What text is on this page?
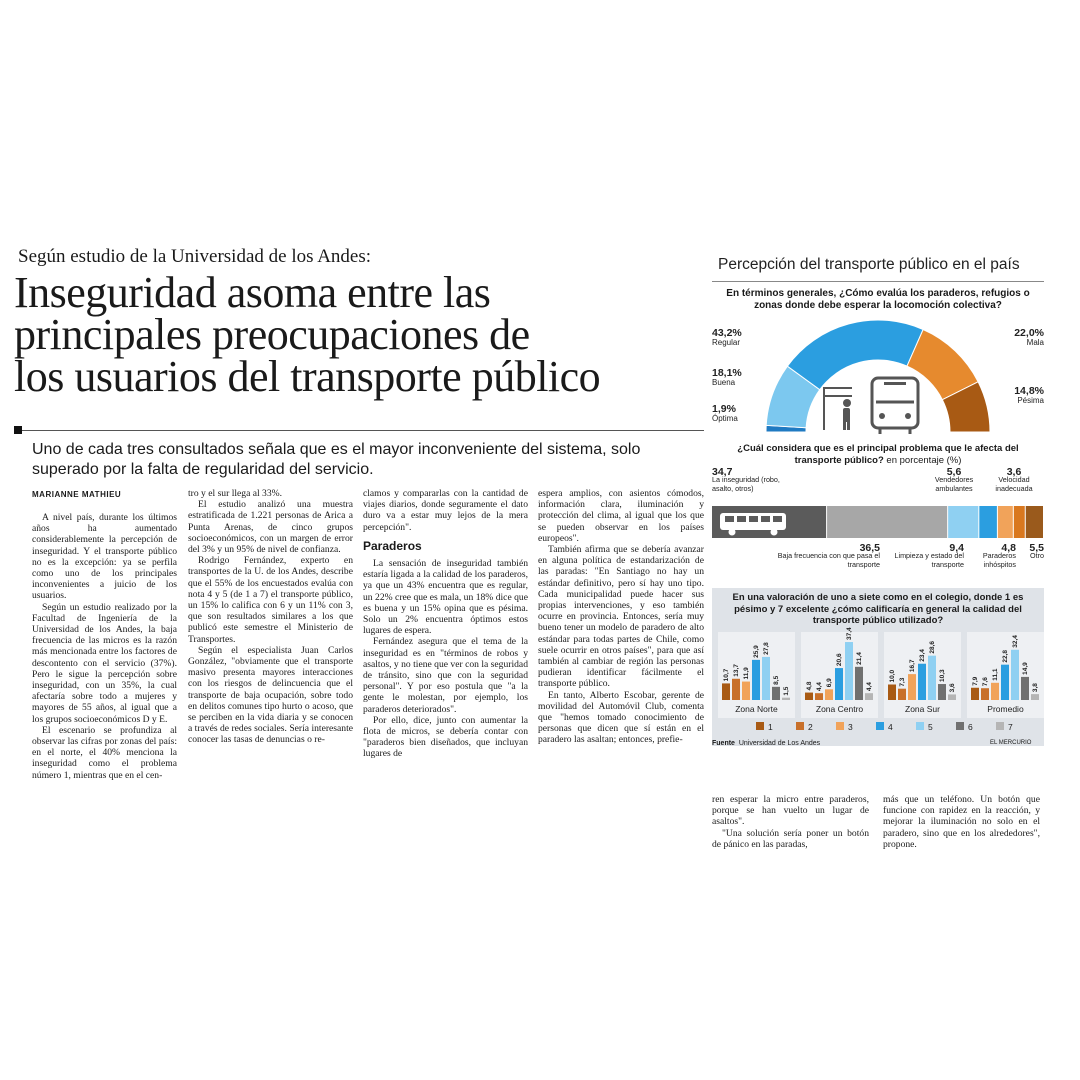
Según estudio de la Universidad de los Andes:
Inseguridad asoma entre las
principales preocupaciones de
los usuarios del transporte público
Uno de cada tres consultados señala que es el mayor inconveniente del sistema, solo superado por la falta de regularidad del servicio.
MARIANNE MATHIEU

A nivel país, durante los últimos años ha aumentado considerablemente la percepción de inseguridad. Y el transporte público no es la excepción: ya se perfila como uno de los principales inconvenientes a juicio de los usuarios.

Según un estudio realizado por la Facultad de Ingeniería de la Universidad de los Andes, la baja frecuencia de las micros es la razón más mencionada entre los factores de descontento con el servicio (37%). Pero le sigue la percepción sobre inseguridad, con un 35%, la cual afectaría sobre todo a mujeres y mayores de 55 años, al igual que a los grupos socioeconómicos D y E.

El escenario se profundiza al observar las cifras por zonas del país: en el norte, el 40% menciona la inseguridad como el problema número 1, mientras que en el cen-

tro y el sur llega al 33%.

El estudio analizó una muestra estratificada de 1.221 personas de Arica a Punta Arenas, de cinco grupos socioeconómicos, con un margen de error del 3% y un 95% de nivel de confianza.

Rodrigo Fernández, experto en transportes de la U. de los Andes, describe que el 55% de los encuestados evalúa con nota 4 y 5 (de 1 a 7) el transporte público, un 15% lo califica con 6 y un 11% con 3, que son resultados similares a los que publicó este semestre el Ministerio de Transportes.

Según el especialista Juan Carlos González, "obviamente que el transporte masivo presenta mayores interacciones con los riesgos de delincuencia que el transporte de baja ocupación, sobre todo en delitos comunes tipo hurto o acoso, que se perciben en la vida diaria y se conocen a través de redes sociales. Sería interesante conocer las tasas de denuncias o re-

clamos y compararlas con la cantidad de viajes diarios, donde seguramente el dato duro va a estar muy lejos de la mera percepción".

Paraderos

La sensación de inseguridad también estaría ligada a la calidad de los paraderos, ya que un 43% encuentra que es regular, un 22% cree que es mala, un 18% dice que es buena y un 15% opina que es pésima. Solo un 2% encuentra óptimos estos lugares de espera.

Fernández asegura que el tema de la inseguridad es en "términos de robos y asaltos, y no tiene que ver con la seguridad de tránsito, sino que con la seguridad personal". Y por eso postula que "a la gente le molestan, por ejemplo, los paraderos deteriorados".

Por ello, dice, junto con aumentar la flota de micros, se debería contar con "paraderos bien diseñados, que incluyan lugares de

espera amplios, con asientos cómodos, información clara, iluminación y protección del clima, al igual que los que se pueden observar en los países europeos".

También afirma que se debería avanzar en alguna política de estandarización de las paradas: "En Santiago no hay un estándar definitivo, pero sí hay uno tipo. Cada municipalidad puede hacer sus propias intervenciones, y eso también ocurre en provincia. Entonces, sería muy bueno tener un modelo de paradero de alto estándar para todas partes de Chile, como suele ocurrir en otros países", para que así también al cambiar de región las personas pudieran identificar fácilmente el transporte público.

En tanto, Alberto Escobar, gerente de movilidad del Automóvil Club, comenta que "hemos tomado conocimiento de personas que dicen que sí están en el paradero las asaltan; entonces, prefie-

ren esperar la micro entre paraderos, porque se han vuelto un lugar de asaltos".

"Una solución sería poner un botón de pánico en las paradas,

más que un teléfono. Un botón que funcione con rapidez en la reacción, y mejorar la iluminación no solo en el paradero, sino que en los alrededores", propone.

Percepción del transporte público en el país
En términos generales, ¿Cómo evalúa los paraderos, refugios o zonas donde debe esperar la locomoción colectiva?
43,2%
Regular
18,1%
Buena
1,9%
Óptima
22,0%
Mala
14,8%
Pésima
¿Cuál considera que es el principal problema que le afecta del transporte público? en porcentaje (%)
34,7
La inseguridad (robo, asalto, otros)
5,6
Vendedores ambulantes
3,6
Velocidad inadecuada
36,5
Baja frecuencia con que pasa el transporte
9,4
Limpieza y estado del transporte
4,8
Paraderos inhóspitos
5,5
Otro
En una valoración de uno a siete como en el colegio, donde 1 es pésimo y 7 excelente ¿cómo calificaría en general la calidad del transporte público utilizado?
10,7 13,7 11,9
25,9 27,8
8,5
1,5
Zona Norte
4,8 4,4 6,9
20,6
37,4
21,4
4,4
Zona Centro
10,0 7,3
16,7
23,4
28,6
10,3
3,6
Zona Sur
7,9 7,6
11,1
22,8
32,4
14,9
3,8
Promedio
1	2	3	4	5	6	7
Fuente Universidad de Los Andes	EL MERCURIO
